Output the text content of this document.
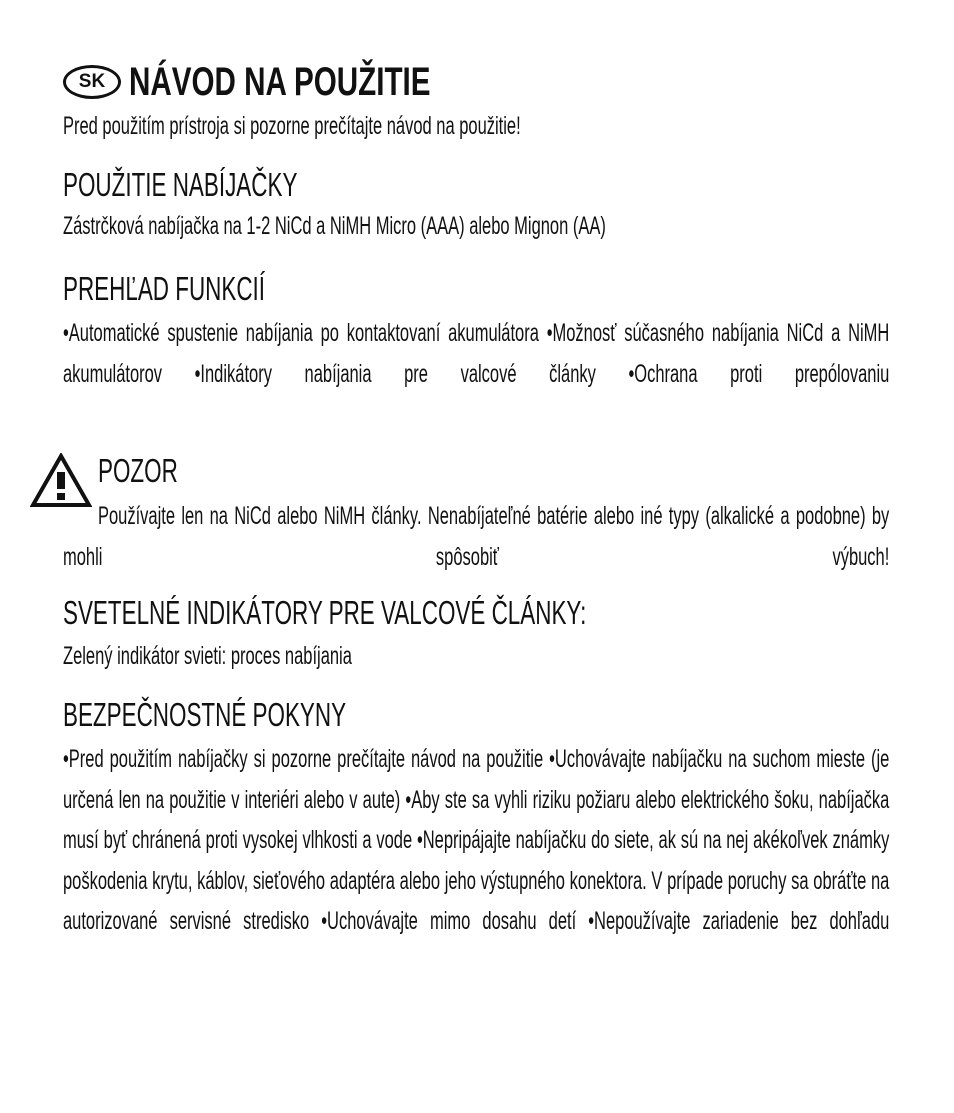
SK NÁVOD NA POUŽITIE
Pred použitím prístroja si pozorne prečítajte návod na použitie!
POUŽITIE NABÍJAČKY
Zástrčková nabíjačka na 1-2 NiCd a NiMH Micro (AAA) alebo Mignon (AA)
PREHĽAD FUNKCIÍ
•Automatické spustenie nabíjania po kontaktovaní akumulátora •Možnosť súčasného nabíjania NiCd a NiMH akumulátorov •Indikátory nabíjania pre valcové články •Ochrana proti prepólovaniu
POZOR
Používajte len na NiCd alebo NiMH články. Nenabíjateľné batérie alebo iné typy (alkalické a podobne) by mohli spôsobiť výbuch!
SVETELNÉ INDIKÁTORY PRE VALCOVÉ ČLÁNKY:
Zelený indikátor svieti: proces nabíjania
BEZPEČNOSTNÉ POKYNY
•Pred použitím nabíjačky si pozorne prečítajte návod na použitie •Uchovávajte nabíjačku na suchom mieste (je určená len na použitie v interiéri alebo v aute) •Aby ste sa vyhli riziku požiaru alebo elektrického šoku, nabíjačka musí byť chránená proti vysokej vlhkosti a vode •Nepripájajte nabíjačku do siete, ak sú na nej akékoľvek známky poškodenia krytu, káblov, sieťového adaptéra alebo jeho výstupného konektora. V prípade poruchy sa obráťte na autorizované servisné stredisko •Uchovávajte mimo dosahu detí •Nepoužívajte zariadenie bez dohľadu
